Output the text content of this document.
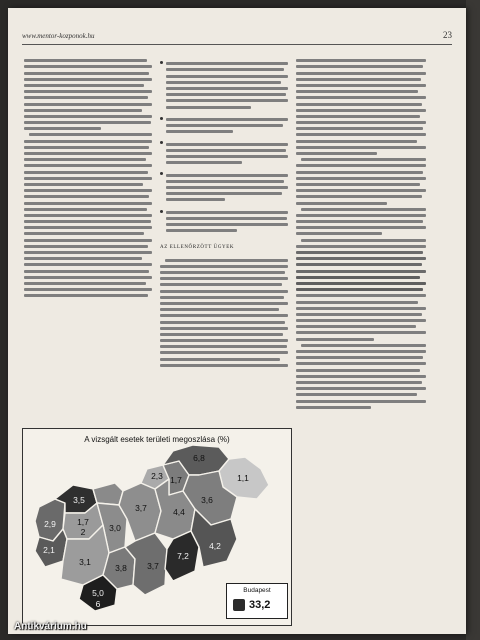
www.mentor-kozponok.hu	23
AZ ELLENŐRZÖTT ÜGYEK
A vizsgált esetek területi megoszlása (%)
3,5
2,9 1,7
2
2,1
3,0
3,1
3,8
5,0
6
3,7
3,7
2,3 1,7
4,4
6,8
1,1
3,6
4,2
7,2
Budapest
33,2
Antikvárium.hu
